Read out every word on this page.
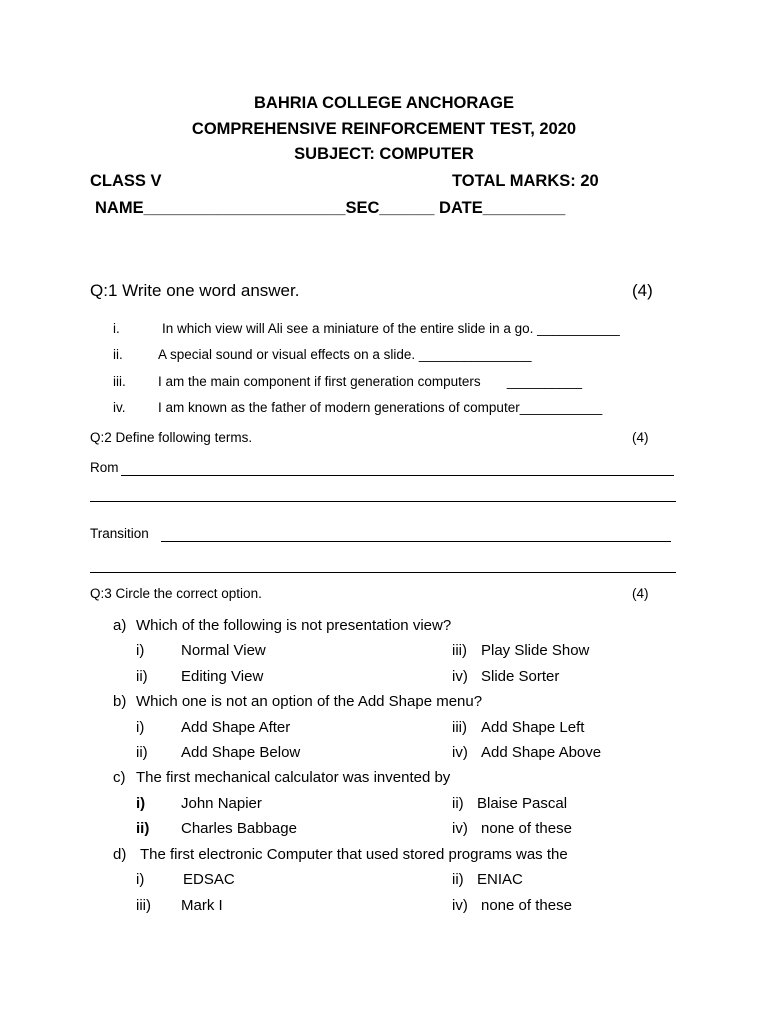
BAHRIA COLLEGE ANCHORAGE
COMPREHENSIVE REINFORCEMENT TEST, 2020
SUBJECT: COMPUTER
CLASS V	TOTAL MARKS: 20
NAME______________________SEC______ DATE_________
Q:1 Write one word answer.	(4)
i.	In which view will Ali see a miniature of the entire slide in a go. ___________
ii.	A special sound or visual effects on a slide. _______________
iii. I am the main component if first generation computers       __________
iv. I am known as the father of modern generations of computer___________
Q:2 Define following terms.	(4)
Rom
Transition
Q:3 Circle the correct option.	(4)
a) Which of the following is not presentation view?
i) Normal View	iii) Play Slide Show
ii) Editing View	iv) Slide Sorter
b) Which one is not an option of the Add Shape menu?
i) Add Shape After	iii) Add Shape Left
ii) Add Shape Below	iv) Add Shape Above
c) The first mechanical calculator was invented by
i) John Napier	ii) Blaise Pascal
ii) Charles Babbage	iv) none of these
d) The first electronic Computer that used stored programs was the
i)	EDSAC	ii) ENIAC
iii) Mark I	iv) none of these
